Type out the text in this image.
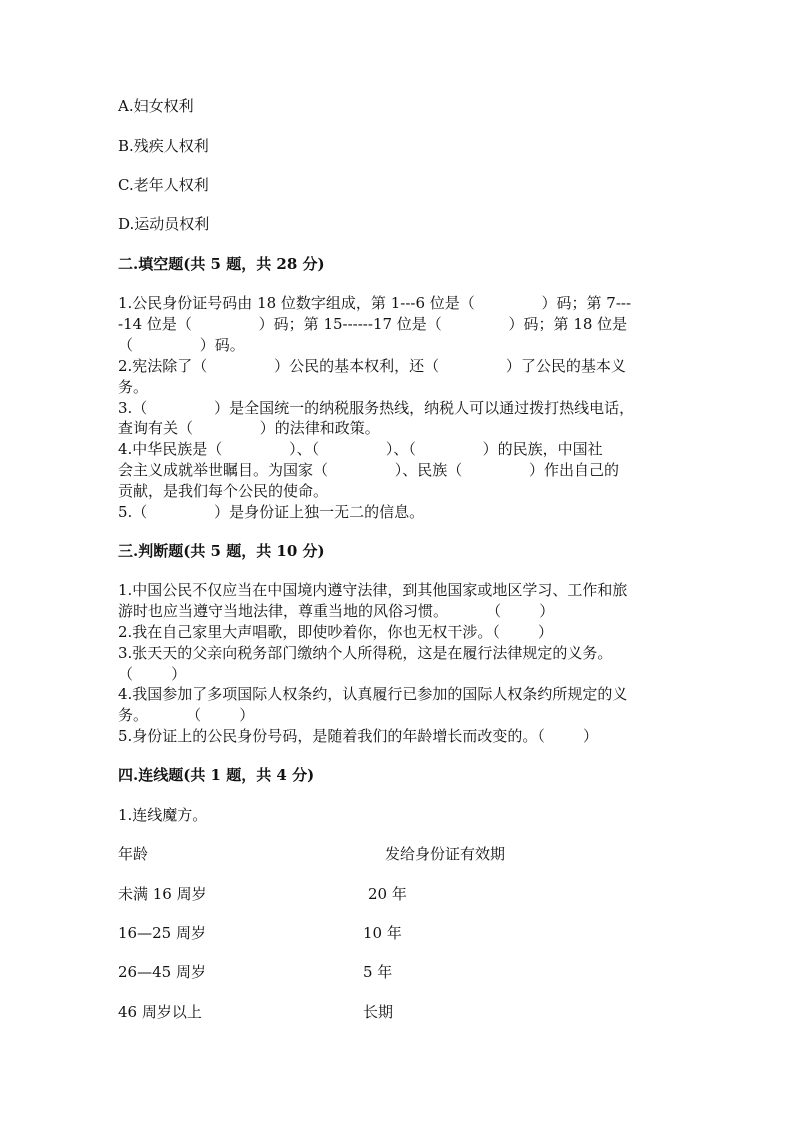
A.妇女权利
B.残疾人权利
C.老年人权利
D.运动员权利
二.填空题(共 5 题，共 28 分)
1.公民身份证号码由 18 位数字组成，第 1---6 位是（              ）码；第 7---
-14 位是（              ）码；第 15------17 位是（              ）码；第 18 位是
（              ）码。
2.宪法除了（              ）公民的基本权利，还（              ）了公民的基本义
务。
3.（              ）是全国统一的纳税服务热线，纳税人可以通过拨打热线电话，
查询有关（              ）的法律和政策。
4.中华民族是（              ）、（              ）、（              ）的民族，中国社
会主义成就举世瞩目。为国家（              ）、民族（              ）作出自己的
贡献，是我们每个公民的使命。
5.（              ）是身份证上独一无二的信息。
三.判断题(共 5 题，共 10 分)
1.中国公民不仅应当在中国境内遵守法律，到其他国家或地区学习、工作和旅
游时也应当遵守当地法律，尊重当地的风俗习惯。        （        ）
2.我在自己家里大声唱歌，即使吵着你，你也无权干涉。（        ）
3.张天天的父亲向税务部门缴纳个人所得税，这是在履行法律规定的义务。
（        ）
4.我国参加了多项国际人权条约，认真履行已参加的国际人权条约所规定的义
务。        （        ）
5.身份证上的公民身份号码，是随着我们的年龄增长而改变的。（        ）
四.连线题(共 1 题，共 4 分)
1.连线魔方。
年龄	发给身份证有效期
未满 16 周岁	20 年
16—25 周岁	10 年
26—45 周岁	5 年
46 周岁以上	长期
